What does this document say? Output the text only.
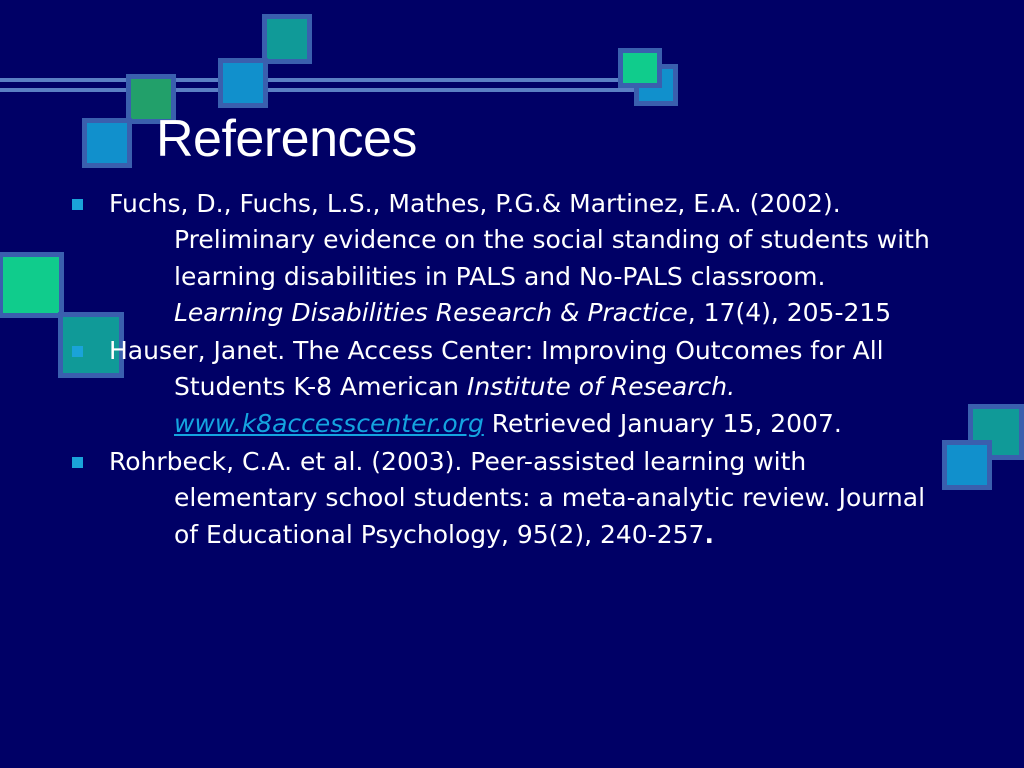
References
Fuchs, D., Fuchs, L.S., Mathes, P.G.& Martinez, E.A. (2002). Preliminary evidence on the social standing of students with learning disabilities in PALS and No-PALS classroom. Learning Disabilities Research & Practice, 17(4), 205-215
Hauser, Janet. The Access Center: Improving Outcomes for All Students K-8 American Institute of Research. www.k8accesscenter.org Retrieved January 15, 2007.
Rohrbeck, C.A. et al. (2003). Peer-assisted learning with elementary school students: a meta-analytic review. Journal of Educational Psychology, 95(2), 240-257.
